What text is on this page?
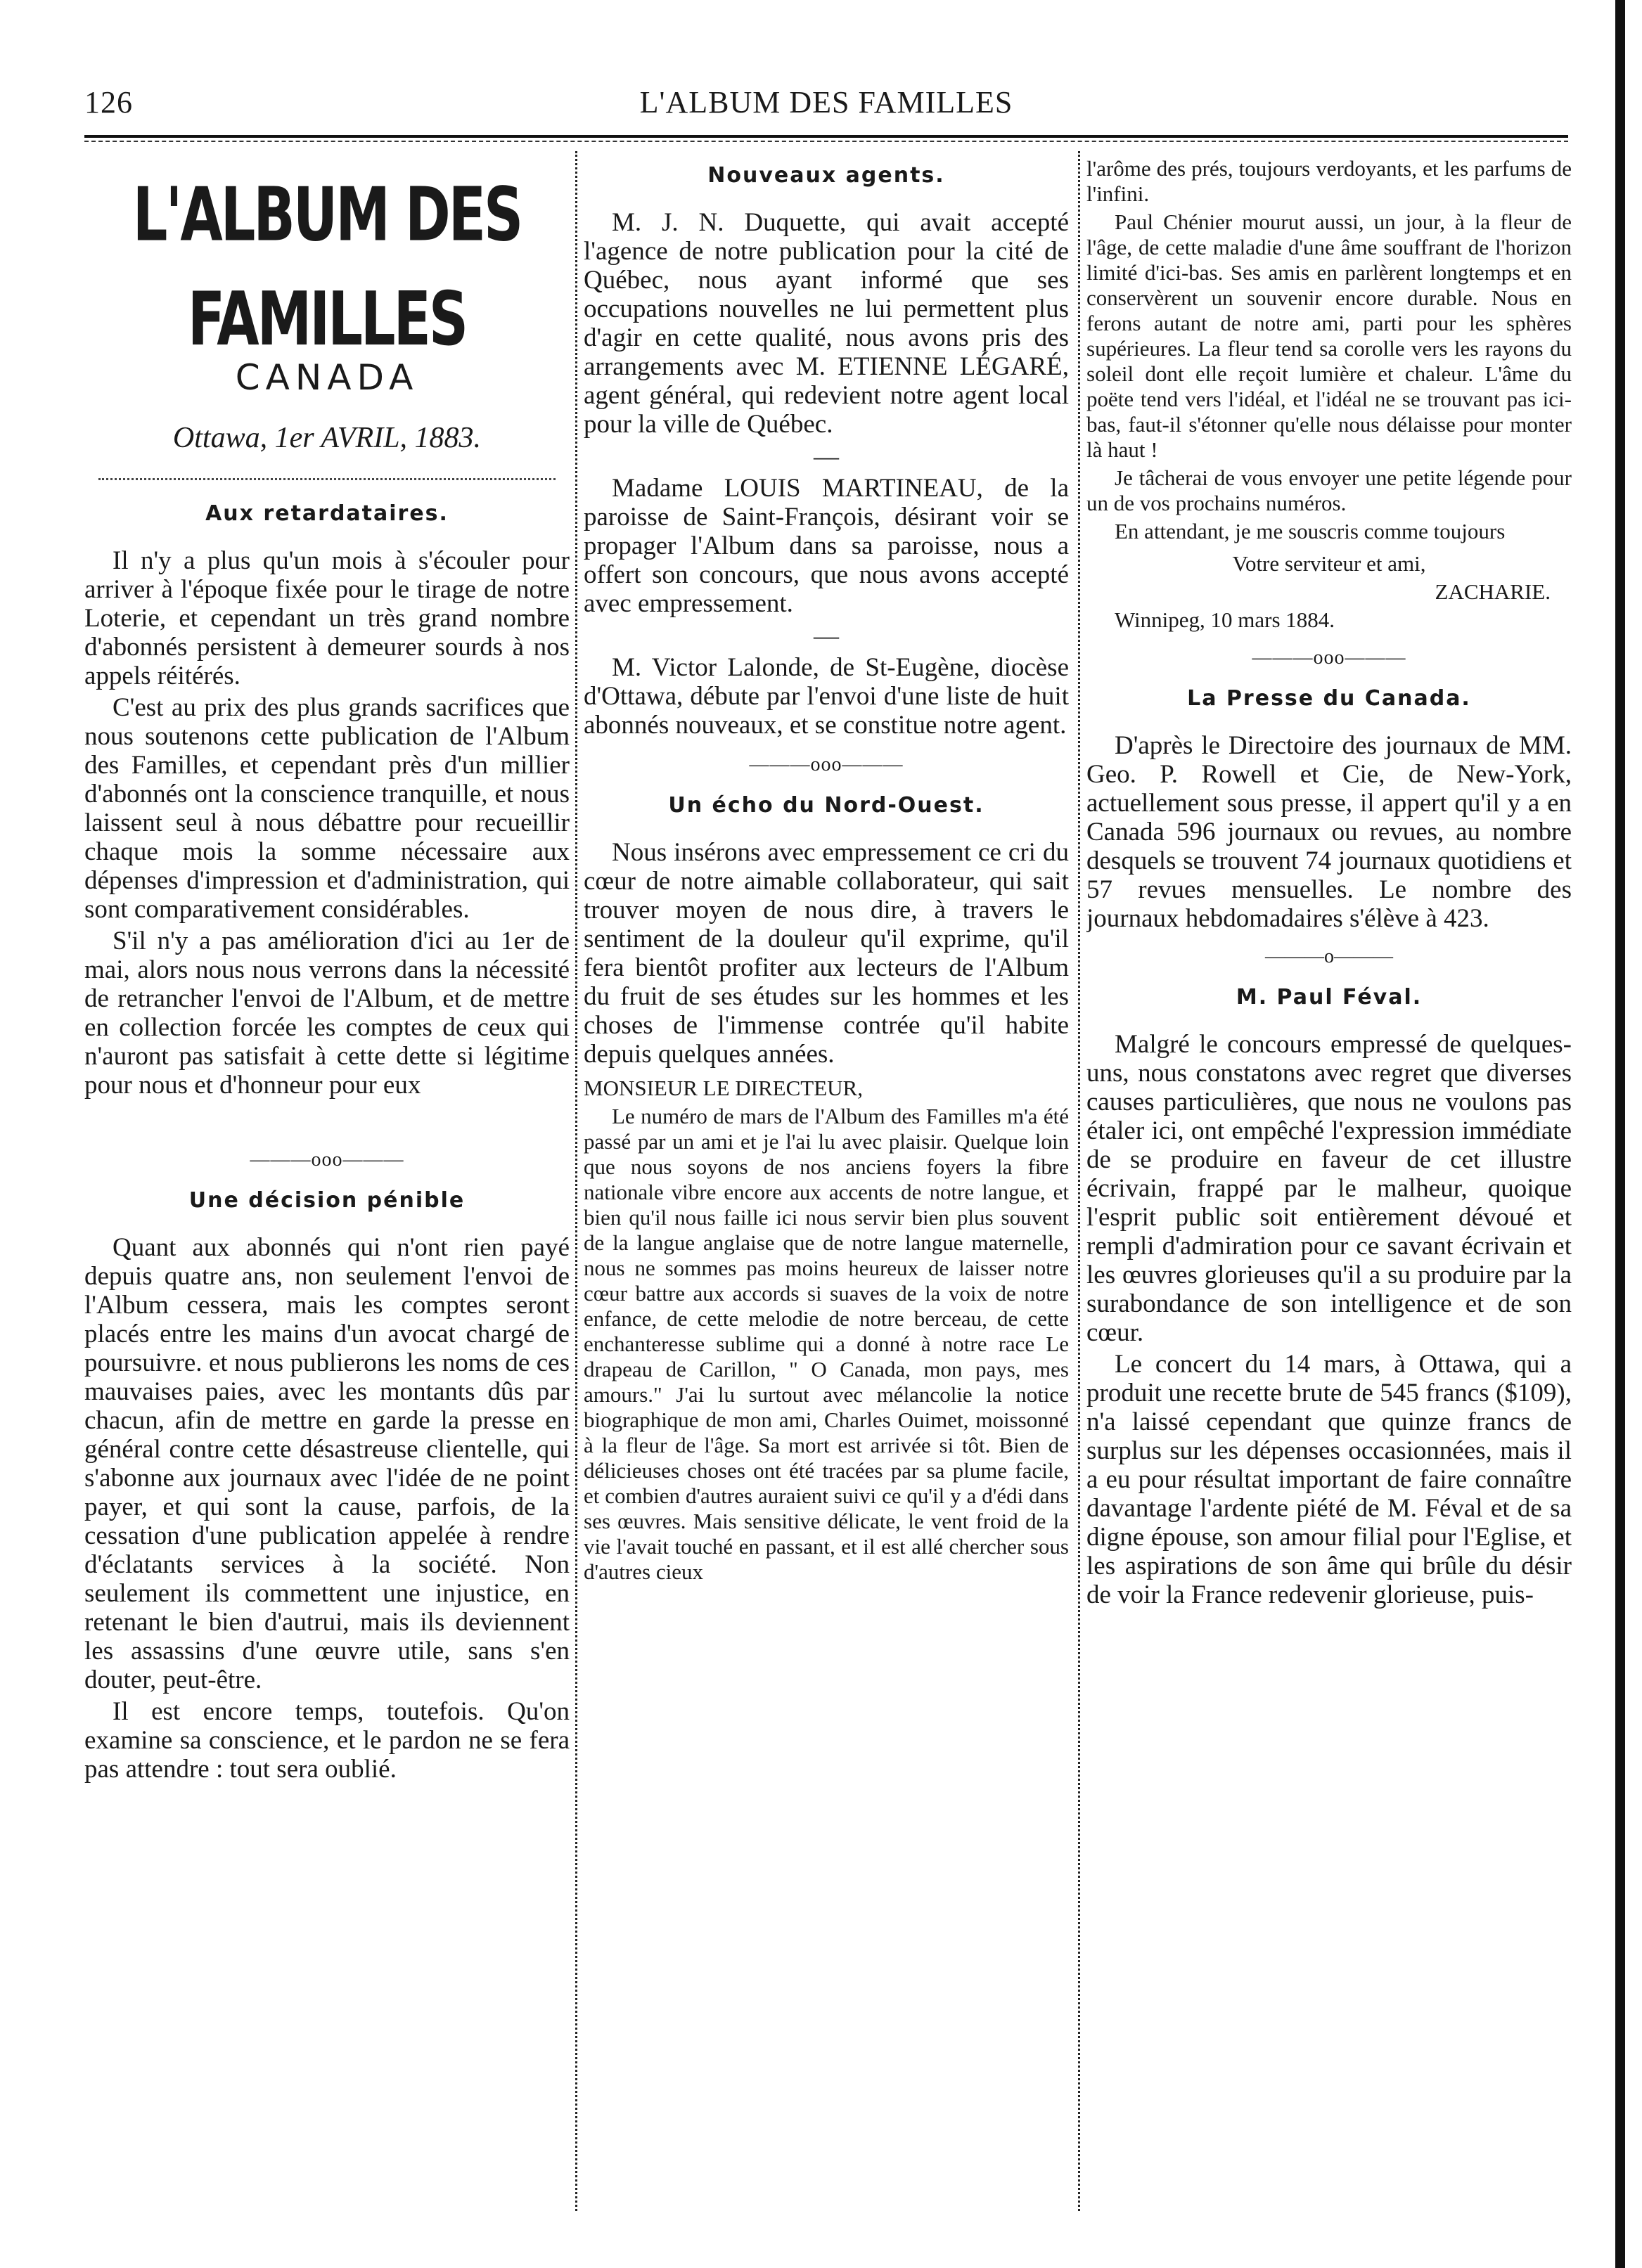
126	L'ALBUM DES FAMILLES
L'ALBUM DES FAMILLES
CANADA
Ottawa, 1er AVRIL, 1883.
Aux retardataires.

Il n'y a plus qu'un mois à s'écouler pour arriver à l'époque fixée pour le tirage de notre Loterie, et cependant un très grand nombre d'abonnés persistent à demeurer sourds à nos appels réitérés.

C'est au prix des plus grands sacrifices que nous soutenons cette publication de l'Album des Familles, et cependant près d'un millier d'abonnés ont la conscience tranquille, et nous laissent seul à nous débattre pour recueillir chaque mois la somme nécessaire aux dépenses d'impression et d'administration, qui sont comparativement considérables.

S'il n'y a pas amélioration d'ici au 1er de mai, alors nous nous verrons dans la nécessité de retrancher l'envoi de l'Album, et de mettre en collection forcée les comptes de ceux qui n'auront pas satisfait à cette dette si légitime pour nous et d'honneur pour eux

———ooo———
Une décision pénible

Quant aux abonnés qui n'ont rien payé depuis quatre ans, non seulement l'envoi de l'Album cessera, mais les comptes seront placés entre les mains d'un avocat chargé de poursuivre. et nous publierons les noms de ces mauvaises paies, avec les montants dûs par chacun, afin de mettre en garde la presse en général contre cette désastreuse clientelle, qui s'abonne aux journaux avec l'idée de ne point payer, et qui sont la cause, parfois, de la cessation d'une publication appelée à rendre d'éclatants services à la société. Non seulement ils commettent une injustice, en retenant le bien d'autrui, mais ils deviennent les assassins d'une œuvre utile, sans s'en douter, peut-être.

Il est encore temps, toutefois. Qu'on examine sa conscience, et le pardon ne se fera pas attendre : tout sera oublié.

Nouveaux agents.

M. J. N. Duquette, qui avait accepté l'agence de notre publication pour la cité de Québec, nous ayant informé que ses occupations nouvelles ne lui permettent plus d'agir en cette qualité, nous avons pris des arrangements avec M. ETIENNE LÉGARÉ, agent général, qui redevient notre agent local pour la ville de Québec.

—

Madame LOUIS MARTINEAU, de la paroisse de Saint-François, désirant voir se propager l'Album dans sa paroisse, nous a offert son concours, que nous avons accepté avec empressement.

—

M. Victor Lalonde, de St-Eugène, diocèse d'Ottawa, débute par l'envoi d'une liste de huit abonnés nouveaux, et se constitue notre agent.

———ooo———
Un écho du Nord-Ouest.

Nous insérons avec empressement ce cri du cœur de notre aimable collaborateur, qui sait trouver moyen de nous dire, à travers le sentiment de la douleur qu'il exprime, qu'il fera bientôt profiter aux lecteurs de l'Album du fruit de ses études sur les hommes et les choses de l'immense contrée qu'il habite depuis quelques années.

MONSIEUR LE DIRECTEUR,

Le numéro de mars de l'Album des Familles m'a été passé par un ami et je l'ai lu avec plaisir. Quelque loin que nous soyons de nos anciens foyers la fibre nationale vibre encore aux accents de notre langue, et bien qu'il nous faille ici nous servir bien plus souvent de la langue anglaise que de notre langue maternelle, nous ne sommes pas moins heureux de laisser notre cœur battre aux accords si suaves de la voix de notre enfance, de cette melodie de notre berceau, de cette enchanteresse sublime qui a donné à notre race Le drapeau de Carillon, " O Canada, mon pays, mes amours." J'ai lu surtout avec mélancolie la notice biographique de mon ami, Charles Ouimet, moissonné à la fleur de l'âge. Sa mort est arrivée si tôt. Bien de délicieuses choses ont été tracées par sa plume facile, et combien d'autres auraient suivi ce qu'il y a d'édi dans ses œuvres. Mais sensitive délicate, le vent froid de la vie l'avait touché en passant, et il est allé chercher sous d'autres cieux

l'arôme des prés, toujours verdoyants, et les parfums de l'infini.

Paul Chénier mourut aussi, un jour, à la fleur de l'âge, de cette maladie d'une âme souffrant de l'horizon limité d'ici-bas. Ses amis en parlèrent longtemps et en conservèrent un souvenir encore durable. Nous en ferons autant de notre ami, parti pour les sphères supérieures. La fleur tend sa corolle vers les rayons du soleil dont elle reçoit lumière et chaleur. L'âme du poëte tend vers l'idéal, et l'idéal ne se trouvant pas ici-bas, faut-il s'étonner qu'elle nous délaisse pour monter là haut !

Je tâcherai de vous envoyer une petite légende pour un de vos prochains numéros.

En attendant, je me souscris comme toujours

Votre serviteur et ami,

ZACHARIE.

Winnipeg, 10 mars 1884.

———ooo———
La Presse du Canada.

D'après le Directoire des journaux de MM. Geo. P. Rowell et Cie, de New-York, actuellement sous presse, il appert qu'il y a en Canada 596 journaux ou revues, au nombre desquels se trouvent 74 journaux quotidiens et 57 revues mensuelles. Le nombre des journaux hebdomadaires s'élève à 423.

———o———
M. Paul Féval.

Malgré le concours empressé de quelques-uns, nous constatons avec regret que diverses causes particulières, que nous ne voulons pas étaler ici, ont empêché l'expression immédiate de se produire en faveur de cet illustre écrivain, frappé par le malheur, quoique l'esprit public soit entièrement dévoué et rempli d'admiration pour ce savant écrivain et les œuvres glorieuses qu'il a su produire par la surabondance de son intelligence et de son cœur.

Le concert du 14 mars, à Ottawa, qui a produit une recette brute de 545 francs ($109), n'a laissé cependant que quinze francs de surplus sur les dépenses occasionnées, mais il a eu pour résultat important de faire connaître davantage l'ardente piété de M. Féval et de sa digne épouse, son amour filial pour l'Eglise, et les aspirations de son âme qui brûle du désir de voir la France redevenir glorieuse, puis-
